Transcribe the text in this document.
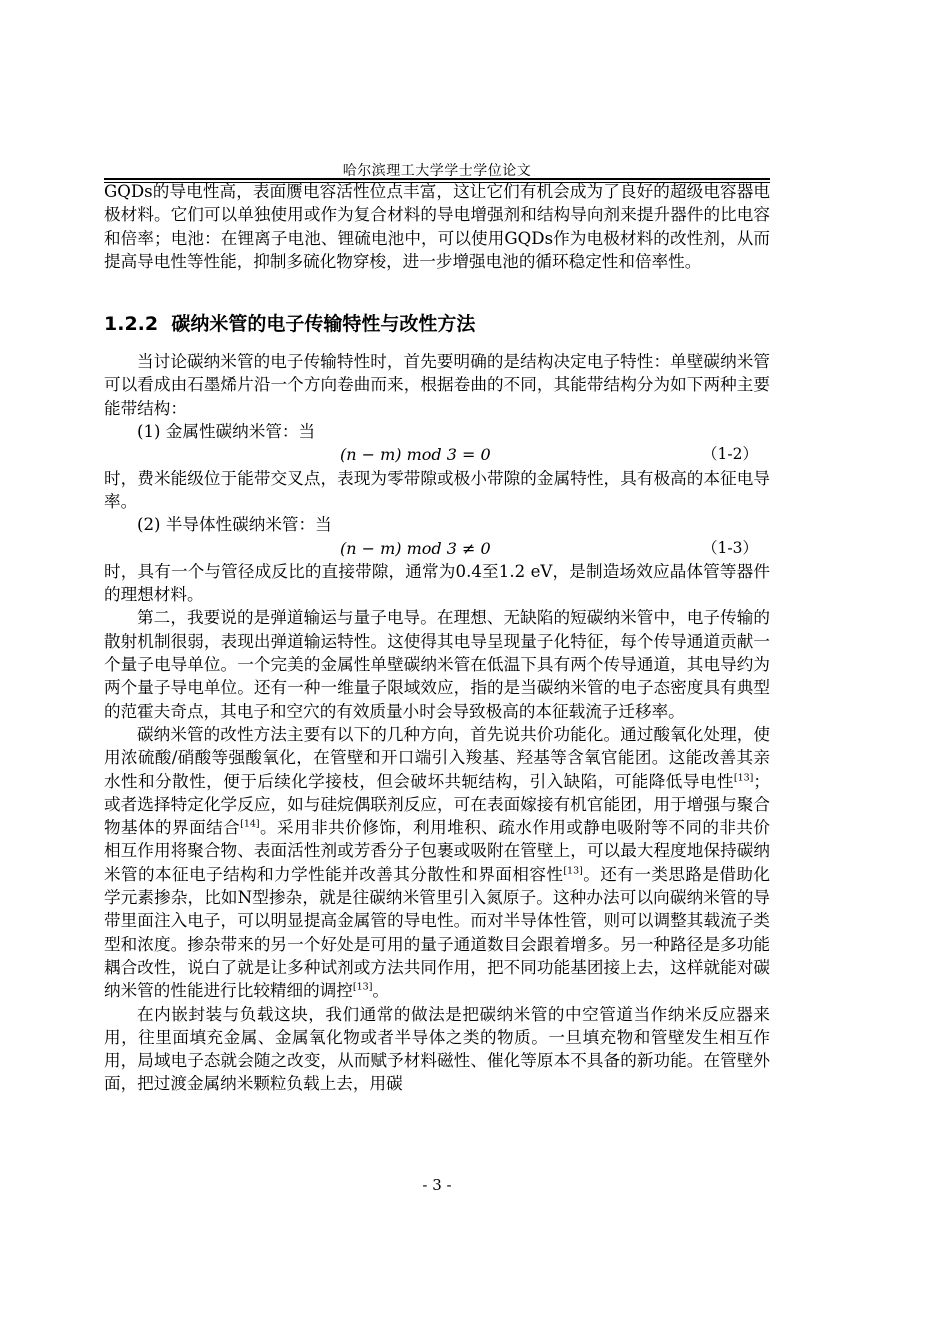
哈尔滨理工大学学士学位论文

GQDs的导电性高，表面赝电容活性位点丰富，这让它们有机会成为了良好的超级电容器电极材料。它们可以单独使用或作为复合材料的导电增强剂和结构导向剂来提升器件的比电容和倍率；电池：在锂离子电池、锂硫电池中，可以使用GQDs作为电极材料的改性剂，从而提高导电性等性能，抑制多硫化物穿梭，进一步增强电池的循环稳定性和倍率性。

1.2.2 碳纳米管的电子传输特性与改性方法

当讨论碳纳米管的电子传输特性时，首先要明确的是结构决定电子特性：单壁碳纳米管可以看成由石墨烯片沿一个方向卷曲而来，根据卷曲的不同，其能带结构分为如下两种主要能带结构：

(1) 金属性碳纳米管：当

(n − m) mod 3 = 0	（1-2）

时，费米能级位于能带交叉点，表现为零带隙或极小带隙的金属特性，具有极高的本征电导率。

(2) 半导体性碳纳米管：当

(n − m) mod 3 ≠ 0	（1-3）

时，具有一个与管径成反比的直接带隙，通常为0.4至1.2 eV，是制造场效应晶体管等器件的理想材料。

第二，我要说的是弹道输运与量子电导。在理想、无缺陷的短碳纳米管中，电子传输的散射机制很弱，表现出弹道输运特性。这使得其电导呈现量子化特征，每个传导通道贡献一个量子电导单位。一个完美的金属性单壁碳纳米管在低温下具有两个传导通道，其电导约为两个量子导电单位。还有一种一维量子限域效应，指的是当碳纳米管的电子态密度具有典型的范霍夫奇点，其电子和空穴的有效质量小时会导致极高的本征载流子迁移率。

碳纳米管的改性方法主要有以下的几种方向，首先说共价功能化。通过酸氧化处理，使用浓硫酸/硝酸等强酸氧化，在管壁和开口端引入羧基、羟基等含氧官能团。这能改善其亲水性和分散性，便于后续化学接枝，但会破坏共轭结构，引入缺陷，可能降低导电性[13]；或者选择特定化学反应，如与硅烷偶联剂反应，可在表面嫁接有机官能团，用于增强与聚合物基体的界面结合[14]。采用非共价修饰，利用堆积、疏水作用或静电吸附等不同的非共价相互作用将聚合物、表面活性剂或芳香分子包裹或吸附在管壁上，可以最大程度地保持碳纳米管的本征电子结构和力学性能并改善其分散性和界面相容性[13]。还有一类思路是借助化学元素掺杂，比如N型掺杂，就是往碳纳米管里引入氮原子。这种办法可以向碳纳米管的导带里面注入电子，可以明显提高金属管的导电性。而对半导体性管，则可以调整其载流子类型和浓度。掺杂带来的另一个好处是可用的量子通道数目会跟着增多。另一种路径是多功能耦合改性，说白了就是让多种试剂或方法共同作用，把不同功能基团接上去，这样就能对碳纳米管的性能进行比较精细的调控[13]。

在内嵌封装与负载这块，我们通常的做法是把碳纳米管的中空管道当作纳米反应器来用，往里面填充金属、金属氧化物或者半导体之类的物质。一旦填充物和管壁发生相互作用，局域电子态就会随之改变，从而赋予材料磁性、催化等原本不具备的新功能。在管壁外面，把过渡金属纳米颗粒负载上去，用碳

- 3 -
